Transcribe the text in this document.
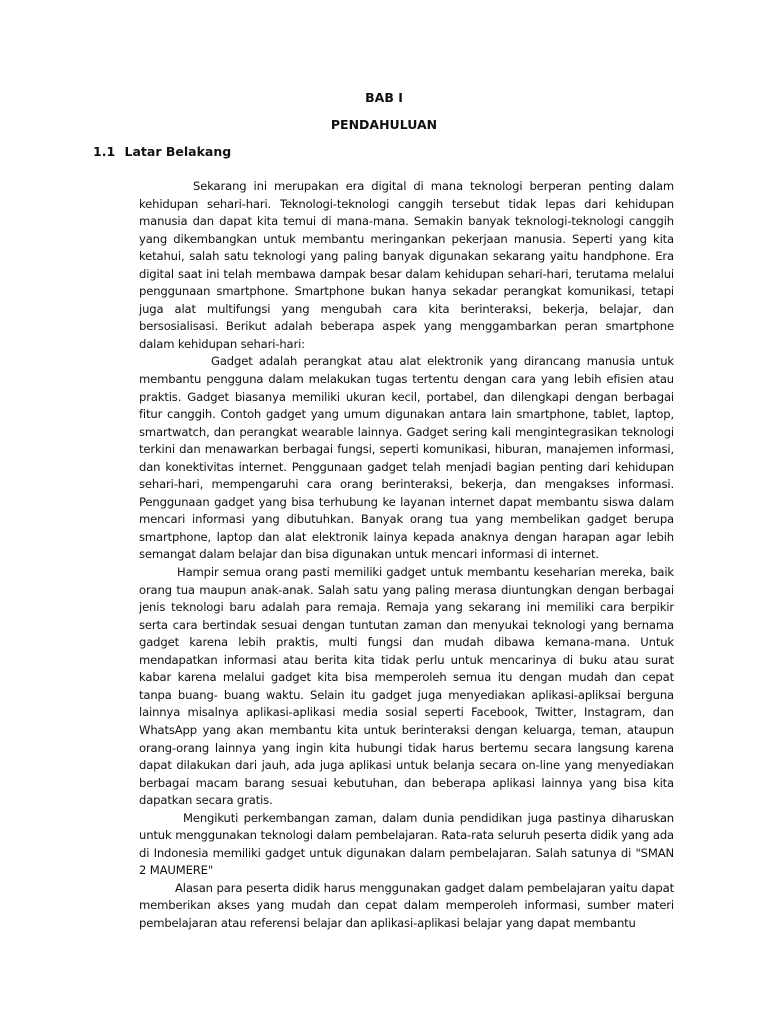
BAB I
PENDAHULUAN
1.1 Latar Belakang

Sekarang ini merupakan era digital di mana teknologi berperan penting dalam kehidupan sehari-hari. Teknologi-teknologi canggih tersebut tidak lepas dari kehidupan manusia dan dapat kita temui di mana-mana. Semakin banyak teknologi-teknologi canggih yang dikembangkan untuk membantu meringankan pekerjaan manusia. Seperti yang kita ketahui, salah satu teknologi yang paling banyak digunakan sekarang yaitu handphone. Era digital saat ini telah membawa dampak besar dalam kehidupan sehari-hari, terutama melalui penggunaan smartphone. Smartphone bukan hanya sekadar perangkat komunikasi, tetapi juga alat multifungsi yang mengubah cara kita berinteraksi, bekerja, belajar, dan bersosialisasi. Berikut adalah beberapa aspek yang menggambarkan peran smartphone dalam kehidupan sehari-hari:

Gadget adalah perangkat atau alat elektronik yang dirancang manusia untuk membantu pengguna dalam melakukan tugas tertentu dengan cara yang lebih efisien atau praktis. Gadget biasanya memiliki ukuran kecil, portabel, dan dilengkapi dengan berbagai fitur canggih. Contoh gadget yang umum digunakan antara lain smartphone, tablet, laptop, smartwatch, dan perangkat wearable lainnya. Gadget sering kali mengintegrasikan teknologi terkini dan menawarkan berbagai fungsi, seperti komunikasi, hiburan, manajemen informasi, dan konektivitas internet. Penggunaan gadget telah menjadi bagian penting dari kehidupan sehari-hari, mempengaruhi cara orang berinteraksi, bekerja, dan mengakses informasi. Penggunaan gadget yang bisa terhubung ke layanan internet dapat membantu siswa dalam mencari informasi yang dibutuhkan. Banyak orang tua yang membelikan gadget berupa smartphone, laptop dan alat elektronik lainya kepada anaknya dengan harapan agar lebih semangat dalam belajar dan bisa digunakan untuk mencari informasi di internet.

Hampir semua orang pasti memiliki gadget untuk membantu keseharian mereka, baik orang tua maupun anak-anak. Salah satu yang paling merasa diuntungkan dengan berbagai jenis teknologi baru adalah para remaja. Remaja yang sekarang ini memiliki cara berpikir serta cara bertindak sesuai dengan tuntutan zaman dan menyukai teknologi yang bernama gadget karena lebih praktis, multi fungsi dan mudah dibawa kemana-mana. Untuk mendapatkan informasi atau berita kita tidak perlu untuk mencarinya di buku atau surat kabar karena melalui gadget kita bisa memperoleh semua itu dengan mudah dan cepat tanpa buang- buang waktu. Selain itu gadget juga menyediakan aplikasi-apliksai berguna lainnya misalnya aplikasi-aplikasi media sosial seperti Facebook, Twitter, Instagram, dan WhatsApp yang akan membantu kita untuk berinteraksi dengan keluarga, teman, ataupun orang-orang lainnya yang ingin kita hubungi tidak harus bertemu secara langsung karena dapat dilakukan dari jauh, ada juga aplikasi untuk belanja secara on-line yang menyediakan berbagai macam barang sesuai kebutuhan, dan beberapa aplikasi lainnya yang bisa kita dapatkan secara gratis.

Mengikuti perkembangan zaman, dalam dunia pendidikan juga pastinya diharuskan untuk menggunakan teknologi dalam pembelajaran. Rata-rata seluruh peserta didik yang ada di Indonesia memiliki gadget untuk digunakan dalam pembelajaran. Salah satunya di "SMAN 2 MAUMERE"

Alasan para peserta didik harus menggunakan gadget dalam pembelajaran yaitu dapat memberikan akses yang mudah dan cepat dalam memperoleh informasi, sumber materi pembelajaran atau referensi belajar dan aplikasi-aplikasi belajar yang dapat membantu
